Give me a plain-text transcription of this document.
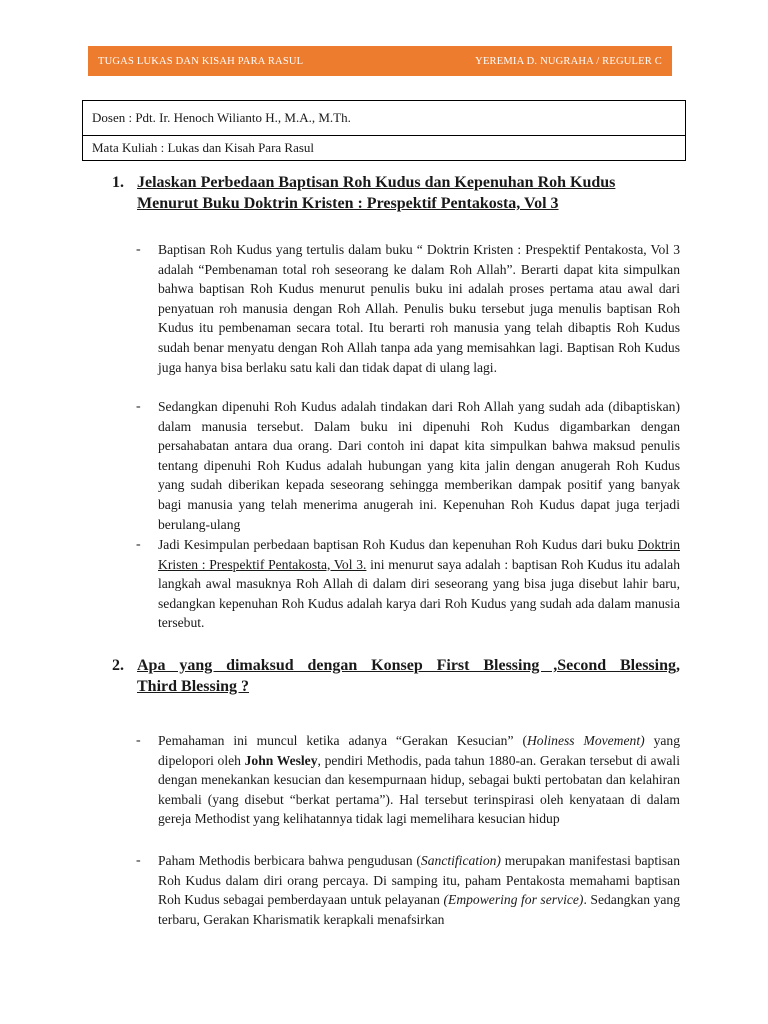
TUGAS LUKAS DAN KISAH PARA RASUL	YEREMIA D. NUGRAHA / REGULER C
Dosen : Pdt. Ir. Henoch Wilianto H., M.A., M.Th.
Mata Kuliah : Lukas dan Kisah Para Rasul
1. Jelaskan Perbedaan Baptisan Roh Kudus dan Kepenuhan Roh Kudus Menurut Buku Doktrin Kristen : Prespektif Pentakosta, Vol 3
-	Baptisan Roh Kudus yang tertulis dalam buku “ Doktrin Kristen : Prespektif Pentakosta, Vol 3 adalah “Pembenaman total roh seseorang ke dalam Roh Allah”. Berarti dapat kita simpulkan bahwa baptisan Roh Kudus menurut penulis buku ini adalah proses pertama atau awal dari penyatuan roh manusia dengan Roh Allah. Penulis buku tersebut juga menulis baptisan Roh Kudus itu pembenaman secara total. Itu berarti roh manusia yang telah dibaptis Roh Kudus sudah benar menyatu dengan Roh Allah tanpa ada yang memisahkan lagi. Baptisan Roh Kudus juga hanya bisa berlaku satu kali dan tidak dapat di ulang lagi.
-	Sedangkan dipenuhi Roh Kudus adalah tindakan dari Roh Allah yang sudah ada (dibaptiskan) dalam manusia tersebut. Dalam buku ini dipenuhi Roh Kudus digambarkan dengan persahabatan antara dua orang. Dari contoh ini dapat kita simpulkan bahwa maksud penulis tentang dipenuhi Roh Kudus adalah hubungan yang kita jalin dengan anugerah Roh Kudus yang sudah diberikan kepada seseorang sehingga memberikan dampak positif yang banyak bagi manusia yang telah menerima anugerah ini. Kepenuhan Roh Kudus dapat juga terjadi berulang-ulang
-	Jadi Kesimpulan perbedaan baptisan Roh Kudus dan kepenuhan Roh Kudus dari buku Doktrin Kristen : Prespektif Pentakosta, Vol 3. ini menurut saya adalah : baptisan Roh Kudus itu adalah langkah awal masuknya Roh Allah di dalam diri seseorang yang bisa juga disebut lahir baru, sedangkan kepenuhan Roh Kudus adalah karya dari Roh Kudus yang sudah ada dalam manusia tersebut.
2. Apa yang dimaksud dengan Konsep First Blessing ,Second Blessing,
Third Blessing ?
-	Pemahaman ini muncul ketika adanya “Gerakan Kesucian” (Holiness Movement) yang dipelopori oleh John Wesley, pendiri Methodis, pada tahun 1880-an. Gerakan tersebut di awali dengan menekankan kesucian dan kesempurnaan hidup, sebagai bukti pertobatan dan kelahiran kembali (yang disebut “berkat pertama”). Hal tersebut terinspirasi oleh kenyataan di dalam gereja Methodist yang kelihatannya tidak lagi memelihara kesucian hidup
-	Paham Methodis berbicara bahwa pengudusan (Sanctification) merupakan manifestasi baptisan Roh Kudus dalam diri orang percaya. Di samping itu, paham Pentakosta memahami baptisan Roh Kudus sebagai pemberdayaan untuk pelayanan (Empowering for service). Sedangkan yang terbaru, Gerakan Kharismatik kerapkali menafsirkan
